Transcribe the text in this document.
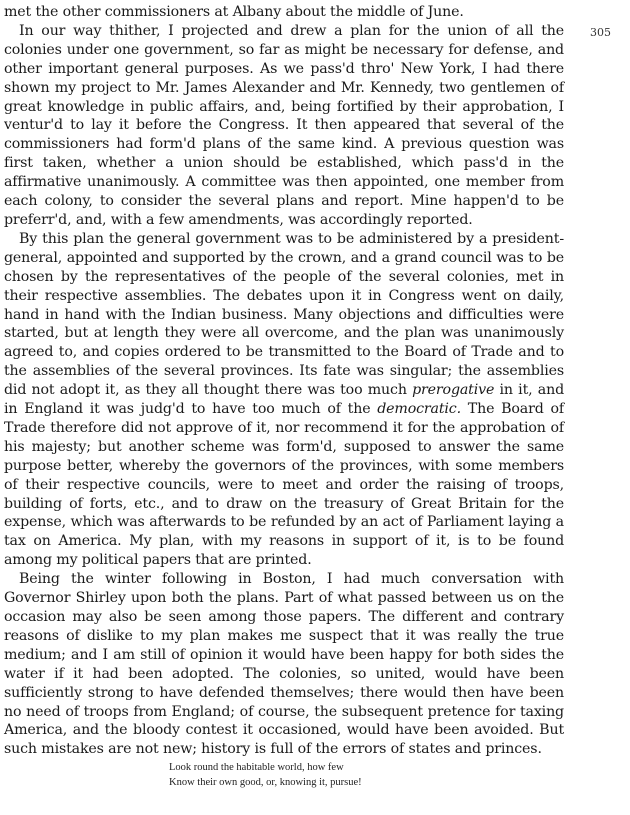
305

met the other commissioners at Albany about the middle of June.

In our way thither, I projected and drew a plan for the union of all the colonies under one government, so far as might be necessary for defense, and other important general purposes. As we pass'd thro' New York, I had there shown my project to Mr. James Alexander and Mr. Kennedy, two gentlemen of great knowledge in public affairs, and, being fortified by their approbation, I ventur'd to lay it before the Congress. It then appeared that several of the commissioners had form'd plans of the same kind. A previous question was first taken, whether a union should be established, which pass'd in the affirmative unanimously. A committee was then appointed, one member from each colony, to consider the several plans and report. Mine happen'd to be preferr'd, and, with a few amendments, was accordingly reported.

By this plan the general government was to be administered by a president-general, appointed and supported by the crown, and a grand council was to be chosen by the representatives of the people of the several colonies, met in their respective assemblies. The debates upon it in Congress went on daily, hand in hand with the Indian business. Many objections and difficulties were started, but at length they were all overcome, and the plan was unanimously agreed to, and copies ordered to be transmitted to the Board of Trade and to the assemblies of the several provinces. Its fate was singular; the assemblies did not adopt it, as they all thought there was too much prerogative in it, and in England it was judg'd to have too much of the democratic. The Board of Trade therefore did not approve of it, nor recommend it for the approbation of his majesty; but another scheme was form'd, supposed to answer the same purpose better, whereby the governors of the provinces, with some members of their respective councils, were to meet and order the raising of troops, building of forts, etc., and to draw on the treasury of Great Britain for the expense, which was afterwards to be refunded by an act of Parliament laying a tax on America. My plan, with my reasons in support of it, is to be found among my political papers that are printed.

Being the winter following in Boston, I had much conversation with Governor Shirley upon both the plans. Part of what passed between us on the occasion may also be seen among those papers. The different and contrary reasons of dislike to my plan makes me suspect that it was really the true medium; and I am still of opinion it would have been happy for both sides the water if it had been adopted. The colonies, so united, would have been sufficiently strong to have defended themselves; there would then have been no need of troops from England; of course, the subsequent pretence for taxing America, and the bloody contest it occasioned, would have been avoided. But such mistakes are not new; history is full of the errors of states and princes.

Look round the habitable world, how few
Know their own good, or, knowing it, pursue!
